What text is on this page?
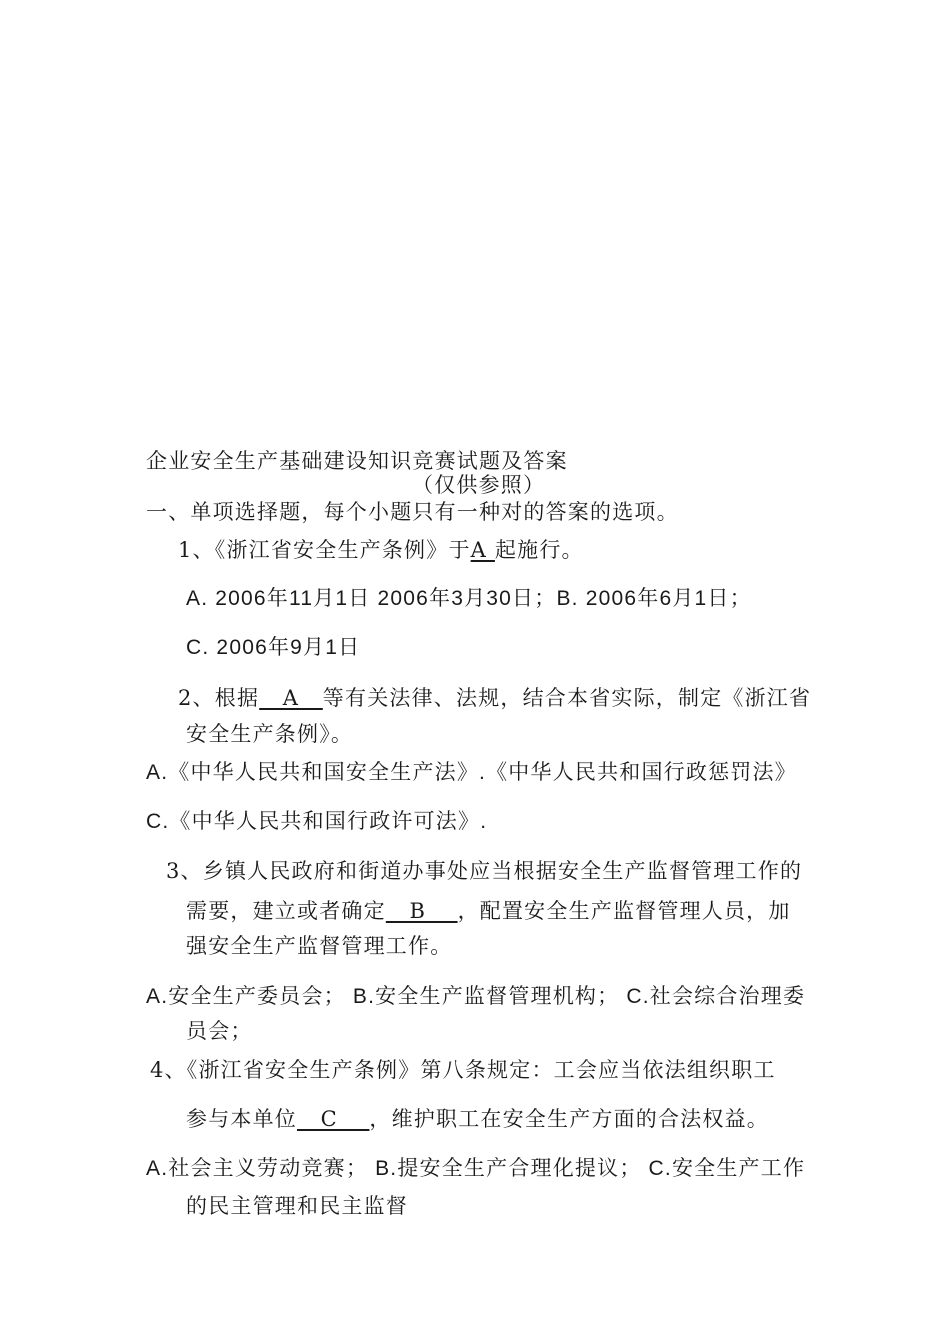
企业安全生产基础建设知识竞赛试题及答案
（仅供参照）
一、单项选择题，每个小题只有一种对的答案的选项。
1、《浙江省安全生产条例》于A 起施行。
A. 2006年11月1日 2006年3月30日；B. 2006年6月1日；
C. 2006年9月1日
2、根据   A   等有关法律、法规，结合本省实际，制定《浙江省
安全生产条例》。
A.《中华人民共和国安全生产法》.《中华人民共和国行政惩罚法》
C.《中华人民共和国行政许可法》.
3、乡镇人民政府和街道办事处应当根据安全生产监督管理工作的
需要，建立或者确定   B    ，配置安全生产监督管理人员，加
强安全生产监督管理工作。
A.安全生产委员会； B.安全生产监督管理机构； C.社会综合治理委
员会；
4、《浙江省安全生产条例》第八条规定：工会应当依法组织职工
参与本单位   C    ，维护职工在安全生产方面的合法权益。
A.社会主义劳动竞赛； B.提安全生产合理化提议； C.安全生产工作
的民主管理和民主监督
